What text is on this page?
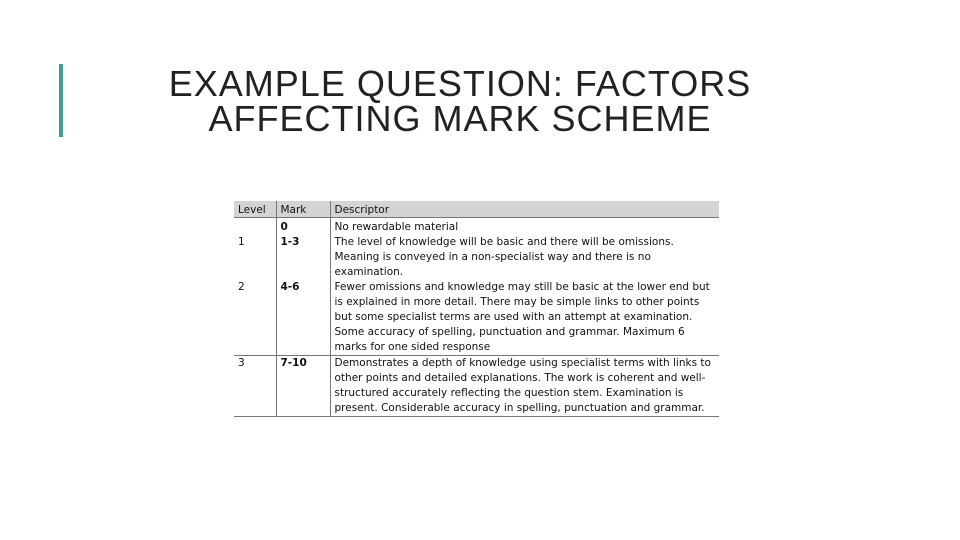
EXAMPLE QUESTION: FACTORS
AFFECTING MARK SCHEME
Level	Mark	Descriptor
	0	No rewardable material
1	1-3	The level of knowledge will be basic and there will be omissions. Meaning is conveyed in a non-specialist way and there is no examination.
2	4-6	Fewer omissions and knowledge may still be basic at the lower end but is explained in more detail. There may be simple links to other points but some specialist terms are used with an attempt at examination. Some accuracy of spelling, punctuation and grammar. Maximum 6 marks for one sided response
3	7-10	Demonstrates a depth of knowledge using specialist terms with links to other points and detailed explanations. The work is coherent and well-structured accurately reflecting the question stem. Examination is present. Considerable accuracy in spelling, punctuation and grammar.
